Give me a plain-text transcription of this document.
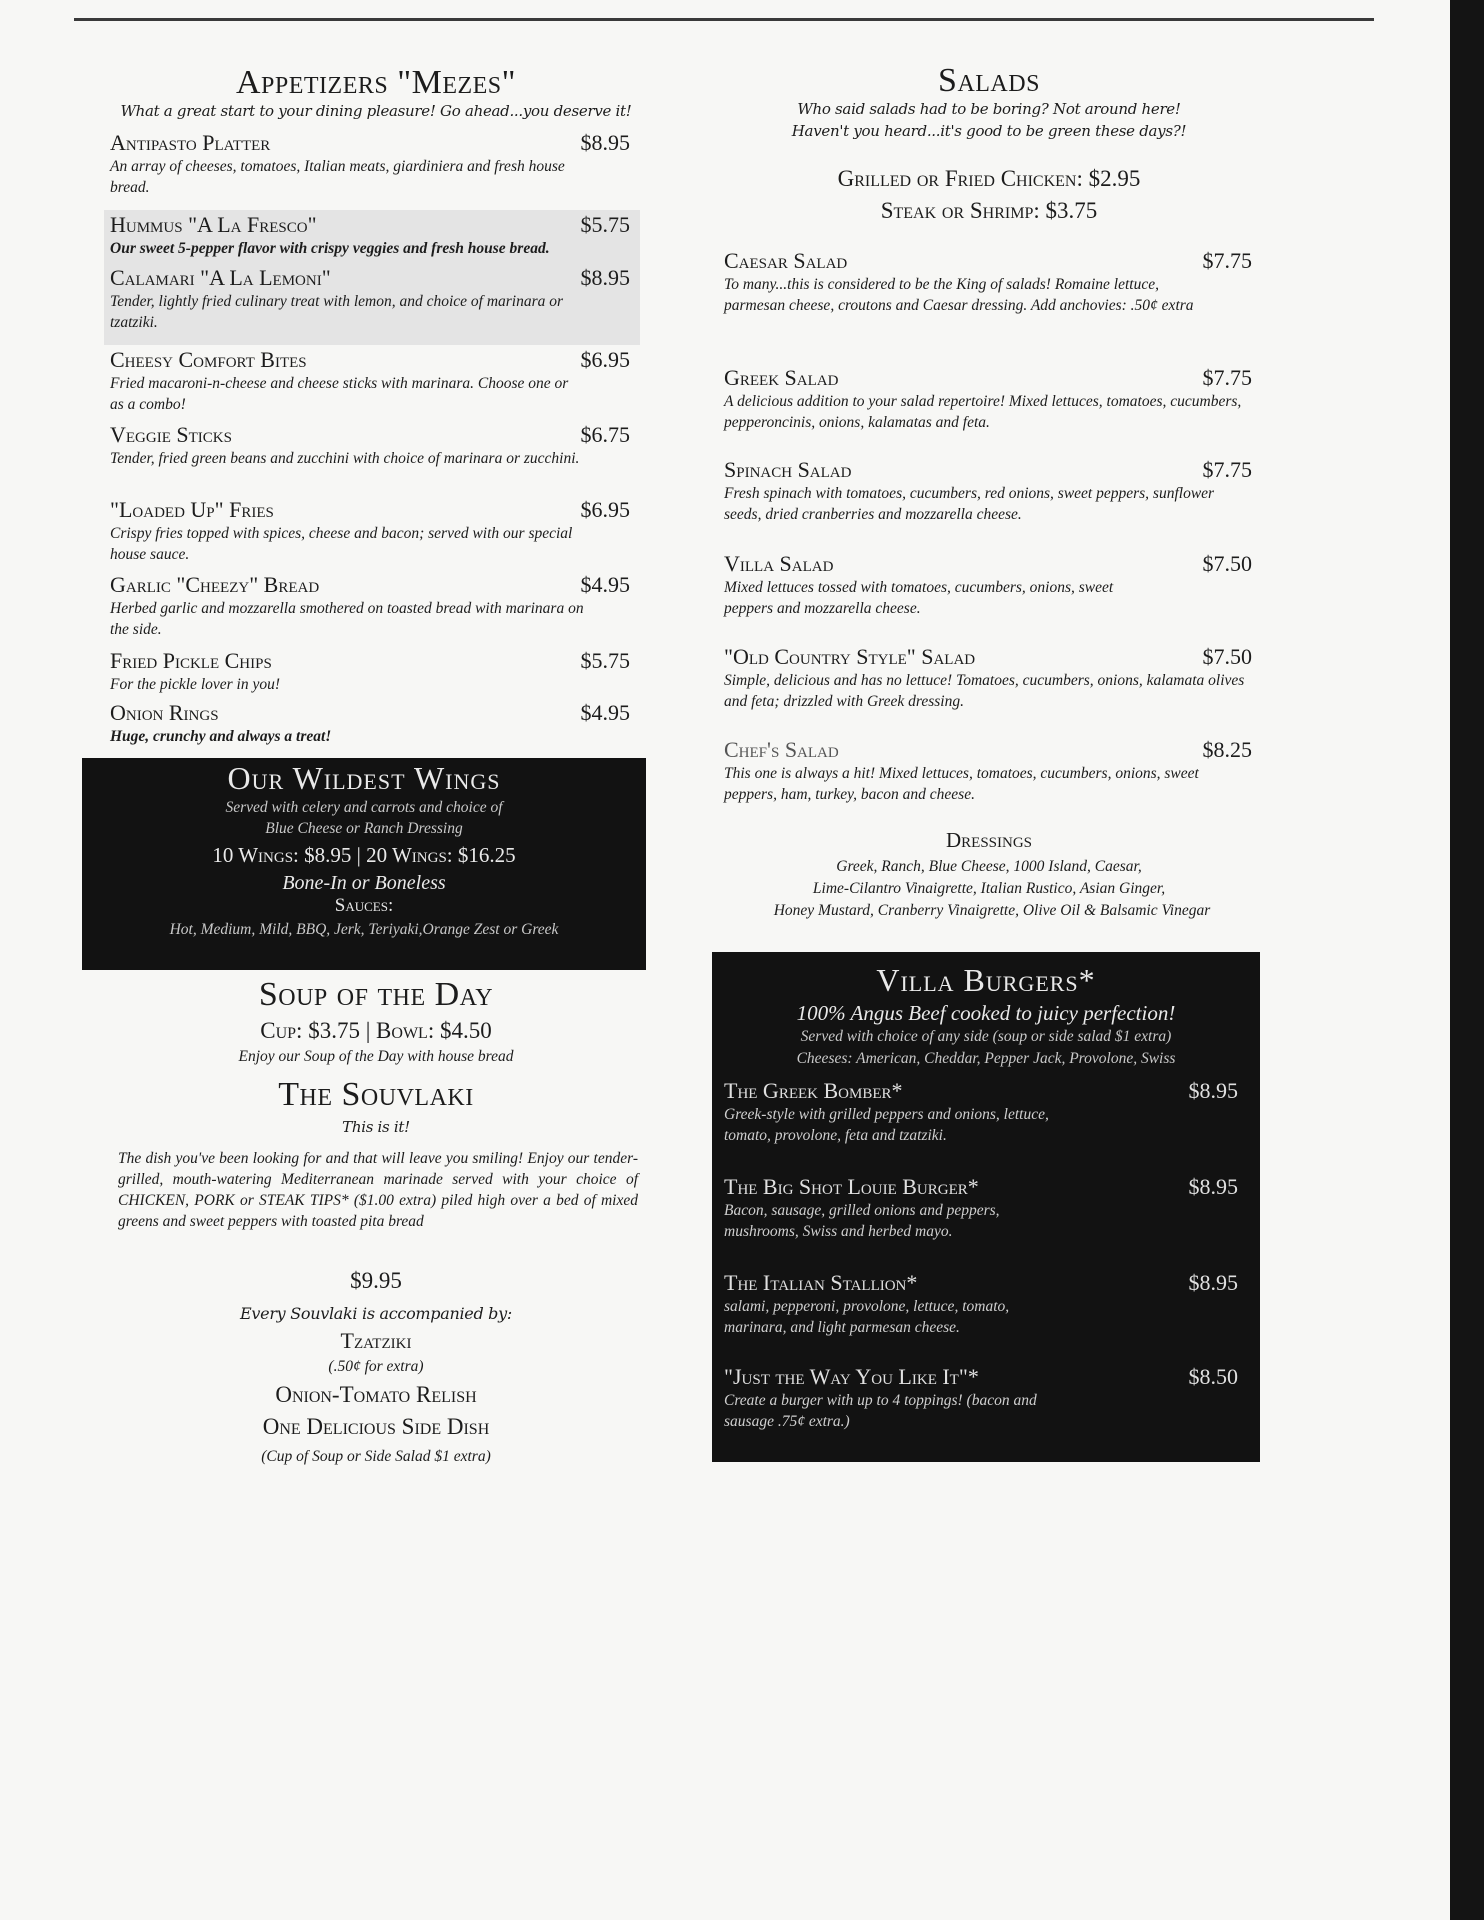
Appetizers "Mezes"
What a great start to your dining pleasure! Go ahead...you deserve it!
Antipasto Platter	$8.95
An array of cheeses, tomatoes, Italian meats, giardiniera and fresh house bread.
Hummus "A La Fresco"	$5.75
Our sweet 5-pepper flavor with crispy veggies and fresh house bread.
Calamari "A La Lemoni"	$8.95
Tender, lightly fried culinary treat with lemon, and choice of marinara or tzatziki.
Cheesy Comfort Bites	$6.95
Fried macaroni-n-cheese and cheese sticks with marinara. Choose one or as a combo!
Veggie Sticks	$6.75
Tender, fried green beans and zucchini with choice of marinara or zucchini.
"Loaded Up" Fries	$6.95
Crispy fries topped with spices, cheese and bacon; served with our special house sauce.
Garlic "Cheezy" Bread	$4.95
Herbed garlic and mozzarella smothered on toasted bread with marinara on the side.
Fried Pickle Chips	$5.75
For the pickle lover in you!
Onion Rings	$4.95
Huge, crunchy and always a treat!
Our Wildest Wings
Served with celery and carrots and choice of
Blue Cheese or Ranch Dressing
10 Wings: $8.95 | 20 Wings: $16.25
Bone-In or Boneless
Sauces:
Hot, Medium, Mild, BBQ, Jerk, Teriyaki,Orange Zest or Greek
Soup of the Day
Cup: $3.75 | Bowl: $4.50
Enjoy our Soup of the Day with house bread
The Souvlaki
This is it!
The dish you've been looking for and that will leave you smiling! Enjoy our tender-grilled, mouth-watering Mediterranean marinade served with your choice of CHICKEN, PORK or STEAK TIPS* ($1.00 extra) piled high over a bed of mixed greens and sweet peppers with toasted pita bread
$9.95
Every Souvlaki is accompanied by:
Tzatziki
(.50¢ for extra)
Onion-Tomato Relish
One Delicious Side Dish
(Cup of Soup or Side Salad $1 extra)
Salads
Who said salads had to be boring? Not around here!
Haven't you heard...it's good to be green these days?!
Grilled or Fried Chicken: $2.95
Steak or Shrimp: $3.75
Caesar Salad	$7.75
To many...this is considered to be the King of salads! Romaine lettuce, parmesan cheese, croutons and Caesar dressing. Add anchovies: .50¢ extra
Greek Salad	$7.75
A delicious addition to your salad repertoire! Mixed lettuces, tomatoes, cucumbers, pepperoncinis, onions, kalamatas and feta.
Spinach Salad	$7.75
Fresh spinach with tomatoes, cucumbers, red onions, sweet peppers, sunflower seeds, dried cranberries and mozzarella cheese.
Villa Salad	$7.50
Mixed lettuces tossed with tomatoes, cucumbers, onions, sweet peppers and mozzarella cheese.
"Old Country Style" Salad	$7.50
Simple, delicious and has no lettuce! Tomatoes, cucumbers, onions, kalamata olives and feta; drizzled with Greek dressing.
Chef's Salad	$8.25
This one is always a hit! Mixed lettuces, tomatoes, cucumbers, onions, sweet peppers, ham, turkey, bacon and cheese.
Dressings
Greek, Ranch, Blue Cheese, 1000 Island, Caesar,
Lime-Cilantro Vinaigrette, Italian Rustico, Asian Ginger,
Honey Mustard, Cranberry Vinaigrette, Olive Oil & Balsamic Vinegar
Villa Burgers*
100% Angus Beef cooked to juicy perfection!
Served with choice of any side (soup or side salad $1 extra)
Cheeses: American, Cheddar, Pepper Jack, Provolone, Swiss
The Greek Bomber*	$8.95
Greek-style with grilled peppers and onions, lettuce, tomato, provolone, feta and tzatziki.
The Big Shot Louie Burger*	$8.95
Bacon, sausage, grilled onions and peppers, mushrooms, Swiss and herbed mayo.
The Italian Stallion*	$8.95
salami, pepperoni, provolone, lettuce, tomato, marinara, and light parmesan cheese.
"Just the Way You Like It"*	$8.50
Create a burger with up to 4 toppings! (bacon and sausage .75¢ extra.)
